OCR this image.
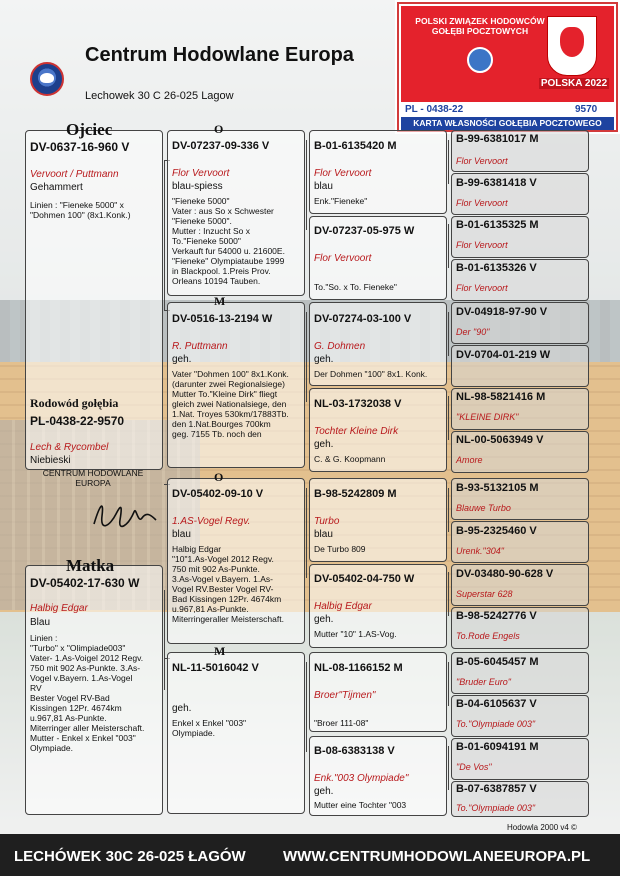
Centrum Hodowlane Europa
Lechowek 30 C 26-025 Lagow
POLSKI ZWIĄZEK HODOWCÓW GOŁĘBI POCZTOWYCH
POLSKA 2022
PL - 0438-22	9570
KARTA WŁASNOŚCI GOŁĘBIA POCZTOWEGO
Ojciec
DV-0637-16-960 V
Vervoort / Puttmann
Gehammert
Linien : "Fieneke 5000" x
"Dohmen 100" (8x1.Konk.)
Rodowód gołębia
PL-0438-22-9570
Lech & Rycombel
Niebieski
CENTRUM HODOWLANE
EUROPA
Matka
DV-05402-17-630 W
Halbig Edgar
Blau
Linien :
"Turbo" x "Olimpiade003"
Vater- 1.As-Voigel 2012 Regv.
750 mit 902 As-Punkte. 3.As-
Vogel v.Bayern. 1.As-Vogel
RV
Bester Vogel RV-Bad
Kissingen 12Pr. 4674km
u.967,81 As-Punkte.
Miterringer aller Meisterschaft.
Mutter - Enkel x Enkel "003"
Olympiade.
O
DV-07237-09-336 V
Flor Vervoort
blau-spiess
"Fieneke 5000"
Vater : aus So x Schwester
"Fieneke 5000".
Mutter : Inzucht So x
To."Fieneke 5000"
Verkauft fur 54000 u. 21600E.
"Fieneke" Olympiataube 1999
in Blackpool. 1.Preis Prov.
Orleans 10194 Tauben.
M
DV-0516-13-2194 W
R. Puttmann
geh.
Vater "Dohmen 100" 8x1.Konk.
(darunter zwei Regionalsiege)
Mutter To."Kleine Dirk" fliegt
gleich zwei Nationalsiege, den
1.Nat. Troyes 530km/17883Tb.
den 1.Nat.Bourges 700km
geg. 7155 Tb. noch den
O
DV-05402-09-10 V
1.AS-Vogel Regv.
blau
Halbig Edgar
"10"1.As-Vogel 2012 Regv.
750 mit 902 As-Punkte.
3.As-Vogel v.Bayern. 1.As-
Vogel RV.Bester Vogel RV-
Bad Kissingen 12Pr. 4674km
u.967,81 As-Punkte.
Miterringeraller Meisterschaft.
M
NL-11-5016042 V
geh.
Enkel x Enkel "003"
Olympiade.
B-01-6135420 M
Flor Vervoort
blau
Enk."Fieneke"
DV-07237-05-975 W
Flor Vervoort
To."So. x To. Fieneke"
DV-07274-03-100 V
G. Dohmen
geh.
Der Dohmen "100" 8x1. Konk.
NL-03-1732038 V
Tochter Kleine Dirk
geh.
C. & G. Koopmann
B-98-5242809 M
Turbo
blau
De Turbo 809
DV-05402-04-750 W
Halbig Edgar
geh.
Mutter "10" 1.AS-Vog.
NL-08-1166152 M
Broer"Tijmen"
"Broer 111-08"
B-08-6383138 V
Enk."003 Olympiade"
geh.
Mutter eine Tochter "003
B-99-6381017 M
Flor Vervoort
B-99-6381418 V
Flor Vervoort
B-01-6135325 M
Flor Vervoort
B-01-6135326 V
Flor Vervoort
DV-04918-97-90 V
Der "90"
DV-0704-01-219 W
NL-98-5821416 M
"KLEINE DIRK"
NL-00-5063949 V
Amore
B-93-5132105 M
Blauwe Turbo
B-95-2325460 V
Urenk."304"
DV-03480-90-628 V
Superstar 628
B-98-5242776 V
To.Rode Engels
B-05-6045457 M
"Bruder Euro"
B-04-6105637 V
To."Olympiade 003"
B-01-6094191 M
"De Vos"
B-07-6387857 V
To."Olympiade 003"
Hodowla 2000 v4 ©
LECHÓWEK 30C 26-025 ŁAGÓW WWW.CENTRUMHODOWLANEEUROPA.PL
